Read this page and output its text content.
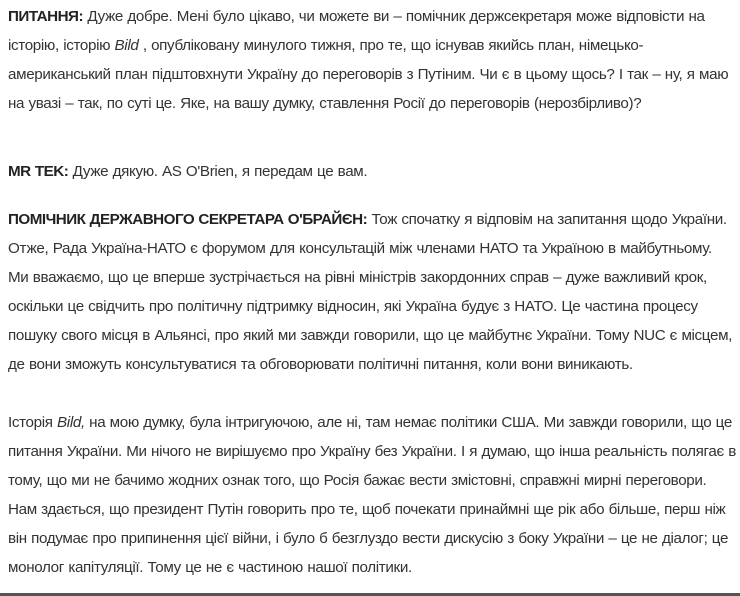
ПИТАННЯ: Дуже добре. Мені було цікаво, чи можете ви – помічник держсекретаря може відповісти на історію, історію Bild , опубліковану минулого тижня, про те, що існував якийсь план, німецько-американський план підштовхнути Україну до переговорів з Путіним. Чи є в цьому щось? І так – ну, я маю на увазі – так, по суті це. Яке, на вашу думку, ставлення Росії до переговорів (нерозбірливо)?

MR TEK: Дуже дякую. AS O'Brien, я передам це вам.

ПОМІЧНИК ДЕРЖАВНОГО СЕКРЕТАРА О'БРАЙЄН: Тож спочатку я відповім на запитання щодо України. Отже, Рада Україна-НАТО є форумом для консультацій між членами НАТО та Україною в майбутньому. Ми вважаємо, що це вперше зустрічається на рівні міністрів закордонних справ – дуже важливий крок, оскільки це свідчить про політичну підтримку відносин, які Україна будує з НАТО. Це частина процесу пошуку свого місця в Альянсі, про який ми завжди говорили, що це майбутнє України. Тому NUC є місцем, де вони зможуть консультуватися та обговорювати політичні питання, коли вони виникають.

Історія Bild, на мою думку, була інтригуючою, але ні, там немає політики США. Ми завжди говорили, що це питання України. Ми нічого не вирішуємо про Україну без України. І я думаю, що інша реальність полягає в тому, що ми не бачимо жодних ознак того, що Росія бажає вести змістовні, справжні мирні переговори. Нам здається, що президент Путін говорить про те, щоб почекати принаймні ще рік або більше, перш ніж він подумає про припинення цієї війни, і було б безглуздо вести дискусію з боку України – це не діалог; це монолог капітуляції. Тому це не є частиною нашої політики.
